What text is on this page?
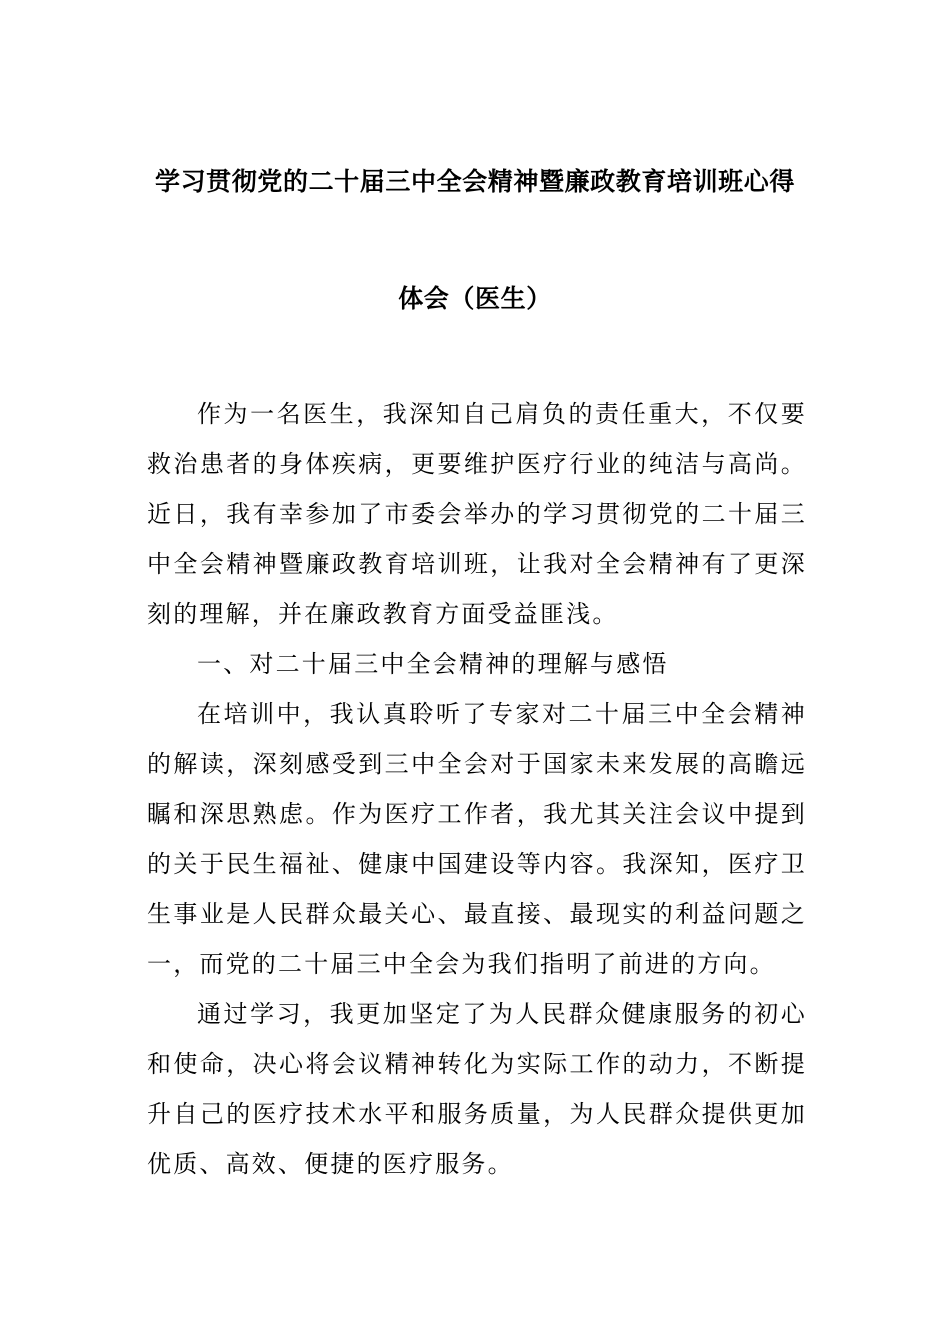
学习贯彻党的二十届三中全会精神暨廉政教育培训班心得
体会（医生）

作为一名医生，我深知自己肩负的责任重大，不仅要救治患者的身体疾病，更要维护医疗行业的纯洁与高尚。近日，我有幸参加了市委会举办的学习贯彻党的二十届三中全会精神暨廉政教育培训班，让我对全会精神有了更深刻的理解，并在廉政教育方面受益匪浅。

一、对二十届三中全会精神的理解与感悟

在培训中，我认真聆听了专家对二十届三中全会精神的解读，深刻感受到三中全会对于国家未来发展的高瞻远瞩和深思熟虑。作为医疗工作者，我尤其关注会议中提到的关于民生福祉、健康中国建设等内容。我深知，医疗卫生事业是人民群众最关心、最直接、最现实的利益问题之一，而党的二十届三中全会为我们指明了前进的方向。

通过学习，我更加坚定了为人民群众健康服务的初心和使命，决心将会议精神转化为实际工作的动力，不断提升自己的医疗技术水平和服务质量，为人民群众提供更加优质、高效、便捷的医疗服务。
